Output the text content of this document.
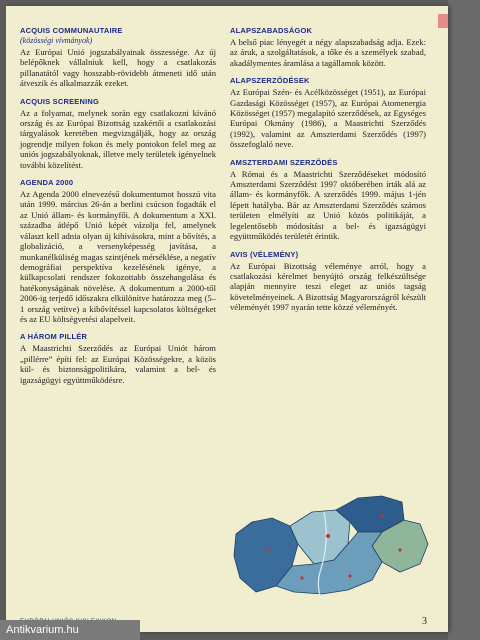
ACQUIS COMMUNAUTAIRE

(közösségi vívmányok)

Az Európai Unió jogszabályainak összessége. Az új belépőknek vállalniuk kell, hogy a csatlakozás pillanatától vagy hosszabb-rövidebb átmeneti idő után átveszik és alkalmazzák ezeket.

ACQUIS SCREENING

Az a folyamat, melynek során egy csatlakozni kívánó ország és az Európai Bizottság szakértői a csatlakozási tárgyalások keretében megvizsgálják, hogy az ország jogrendje milyen fokon és mely pontokon felel meg az uniós jogszabályoknak, illetve mely területek igényelnek további közelítést.

AGENDA 2000

Az Agenda 2000 elnevezésű dokumentumot hosszú vita után 1999. március 26-án a berlini csúcson fogadták el az Unió állam- és kormányfői. A dokumentum a XXI. századba átlépő Unió képét vázolja fel, amelynek választ kell adnia olyan új kihívásokra, mint a bővítés, a globalizáció, a versenyképesség javítása, a munkanélküliség magas szintjének mérséklése, a negatív demográfiai perspektíva kezelésének igénye, a külkapcsolati rendszer fokozottabb összehangolása és hatékonyságának növelése. A dokumentum a 2000-től 2006-ig terjedő időszakra elkülönítve határozza meg (5–1 ország vetítve) a kibővítéssel kapcsolatos költségeket és az EU költségvetési alapelveit.

A HÁROM PILLÉR

A Maastrichti Szerződés az Európai Uniót három „pillérre” építi fel: az Európai Közösségekre, a közös kül- és biztonságpolitikára, valamint a bel- és igazságügyi együttműködésre.

ALAPSZABADSÁGOK

A belső piac lényegét a négy alapszabadság adja. Ezek: az áruk, a szolgáltatások, a tőke és a személyek szabad, akadálymentes áramlása a tagállamok között.

ALAPSZERZŐDÉSEK

Az Európai Szén- és Acélközösséget (1951), az Európai Gazdasági Közösséget (1957), az Európai Atomenergia Közösséget (1957) megalapító szerződések, az Egységes Európai Okmány (1986), a Maastrichti Szerződés (1992), valamint az Amszterdami Szerződés (1997) összefoglaló neve.

AMSZTERDAMI SZERZŐDÉS

A Római és a Maastrichti Szerződéseket módosító Amszterdami Szerződést 1997 októberében írták alá az állam- és kormányfők. A szerződés 1999. május 1-jén lépett hatályba. Bár az Amszterdami Szerződés számos területen elmélyíti az Unió közös politikáját, a legelentősebb módosítást a bel- és igazságügyi együttműködés területét érintik.

AVIS (VÉLEMÉNY)

Az Európai Bizottság véleménye arról, hogy a csatlakozási kérelmet benyújtó ország felkészültsége alapján mennyire teszi eleget az uniós tagság követelményeinek. A Bizottság Magyarországról készült véleményét 1997 nyarán tette közzé véleményét.

3
Antikvarium.hu
